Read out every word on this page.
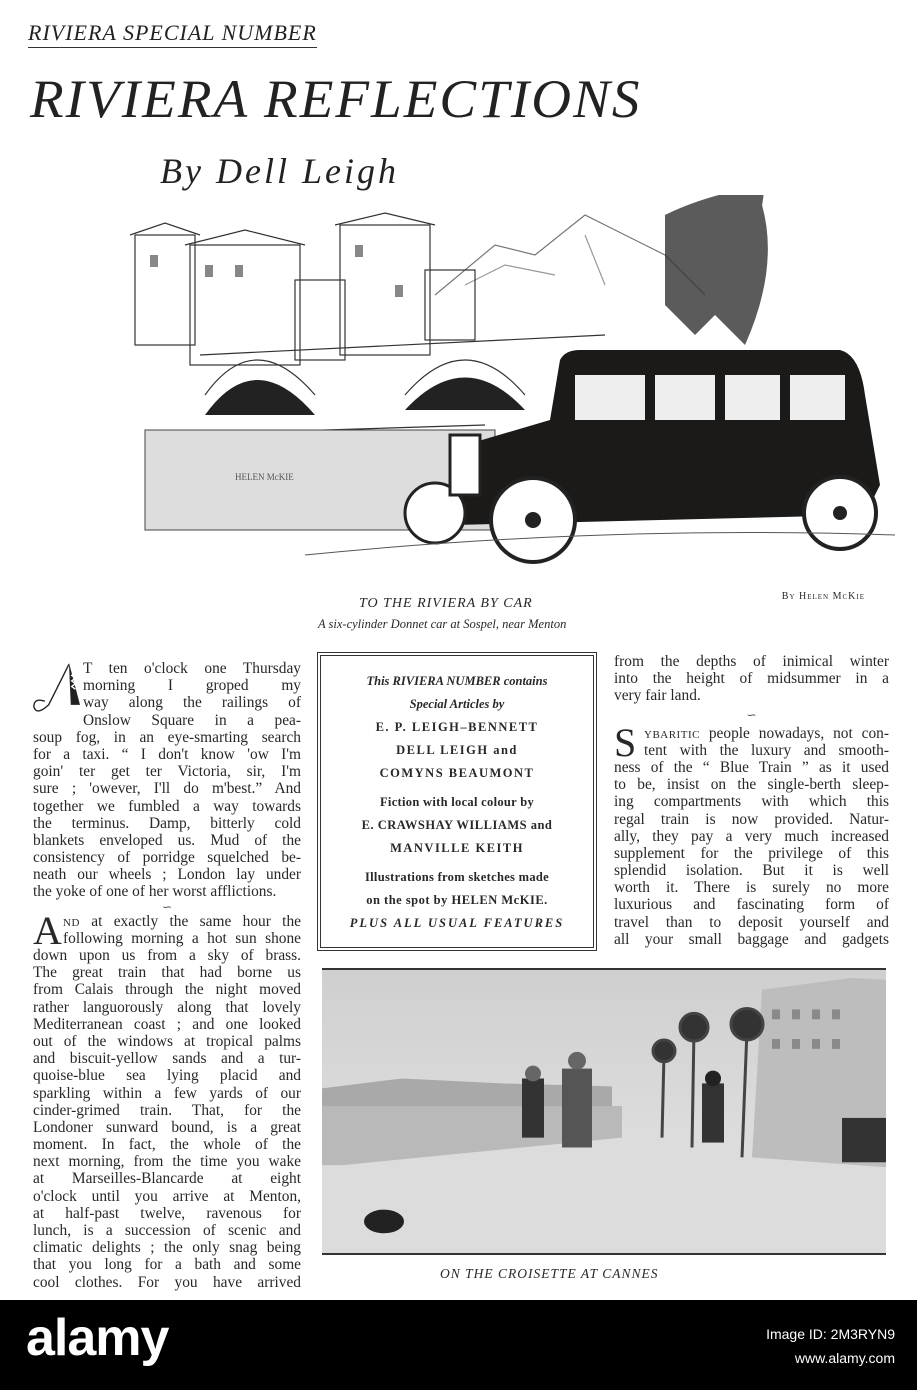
RIVIERA SPECIAL NUMBER
RIVIERA REFLECTIONS
By Dell Leigh
HELEN McKIE
By Helen McKie
TO THE RIVIERA BY CAR
A six-cylinder Donnet car at Sospel, near Menton
T ten o'clock one Thursday
morning I groped my
way along the railings of
Onslow Square in a pea-
soup fog, in an eye-smarting search
for a taxi. “ I don't know 'ow I'm
goin' ter get ter Victoria, sir, I'm
sure ; 'owever, I'll do m'best.” And
together we fumbled a way towards
the terminus. Damp, bitterly cold
blankets enveloped us. Mud of the
consistency of porridge squelched be-
neath our wheels ; London lay under
the yoke of one of her worst afflictions.
∽
A ND at exactly the same hour the
following morning a hot sun shone
down upon us from a sky of brass.
The great train that had borne us
from Calais through the night moved
rather languorously along that lovely
Mediterranean coast ; and one looked
out of the windows at tropical palms
and biscuit-yellow sands and a tur-
quoise-blue sea lying placid and
sparkling within a few yards of our
cinder-grimed train. That, for the
Londoner sunward bound, is a great
moment. In fact, the whole of the
next morning, from the time you wake
at Marseilles-Blancarde at eight
o'clock until you arrive at Menton,
at half-past twelve, ravenous for
lunch, is a succession of scenic and
climatic delights ; the only snag being
that you long for a bath and some
cool clothes. For you have arrived
This RIVIERA NUMBER contains
Special Articles by
E. P. LEIGH–BENNETT
DELL LEIGH and
COMYNS BEAUMONT
Fiction with local colour by
E. CRAWSHAY WILLIAMS and
MANVILLE KEITH
Illustrations from sketches made
on the spot by HELEN McKIE.
PLUS ALL USUAL FEATURES
from the depths of inimical winter
into the height of midsummer in a
very fair land.
∽
S YBARITIC people nowadays, not con-
tent with the luxury and smooth-
ness of the “ Blue Train ” as it used
to be, insist on the single-berth sleep-
ing compartments with which this
regal train is now provided. Natur-
ally, they pay a very much increased
supplement for the privilege of this
splendid isolation. But it is well
worth it. There is surely no more
luxurious and fascinating form of
travel than to deposit yourself and
all your small baggage and gadgets
ON THE CROISETTE AT CANNES
alamy	Image ID: 2M3RYN9
www.alamy.com
